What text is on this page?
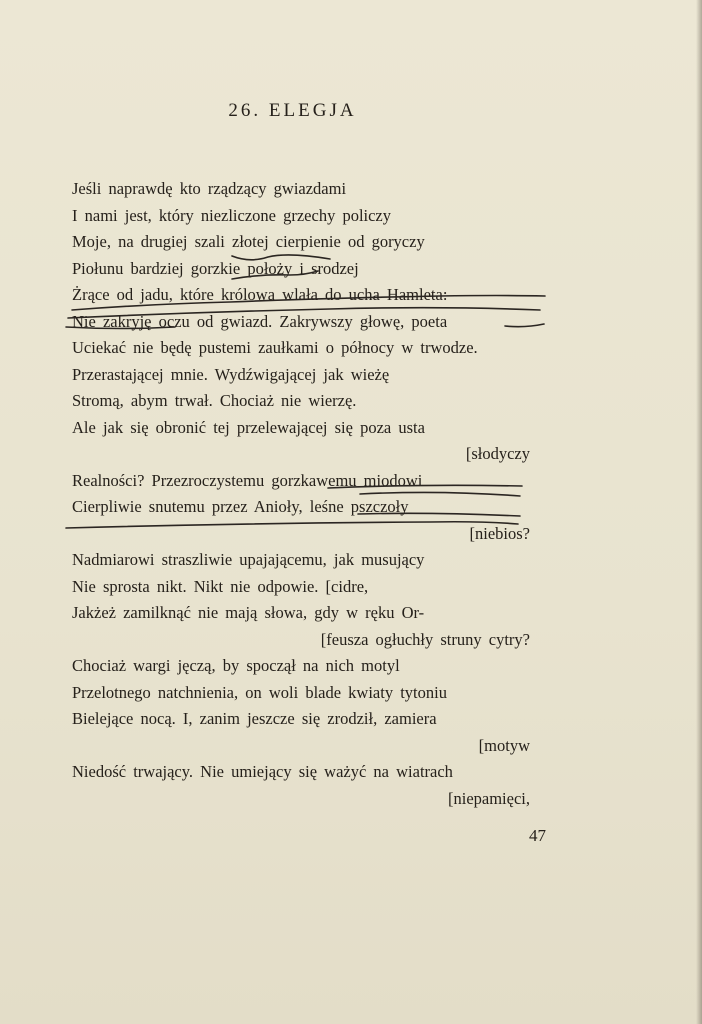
26. ELEGJA
Jeśli naprawdę kto rządzący gwiazdami
I nami jest, który niezliczone grzechy policzy
Moje, na drugiej szali złotej cierpienie od goryczy
Piołunu bardziej gorzkie położy i srodzej
Żrące od jadu, które królowa wlała do ucha Hamleta:
Nie zakryję oczu od gwiazd. Zakrywszy głowę, poeta
Uciekać nie będę pustemi zaułkami o północy w trwodze.
Przerastającej mnie. Wydźwigającej jak wieżę
Stromą, abym trwał. Chociaż nie wierzę.
Ale jak się obronić tej przelewającej się poza usta
[słodyczy
Realności? Przezroczystemu gorzkawemu miodowi
Cierpliwie snutemu przez Anioły, leśne pszczoły
[niebios?
Nadmiarowi straszliwie upajającemu, jak musujący
Nie sprosta nikt. Nikt nie odpowie. [cidre,
Jakżeż zamilknąć nie mają słowa, gdy w ręku Or-
[feusza ogłuchły struny cytry?
Chociaż wargi jęczą, by spoczął na nich motyl
Przelotnego natchnienia, on woli blade kwiaty tytoniu
Bielejące nocą. I, zanim jeszcze się zrodził, zamiera
[motyw
Niedość trwający. Nie umiejący się ważyć na wiatrach
[niepamięci,
47
